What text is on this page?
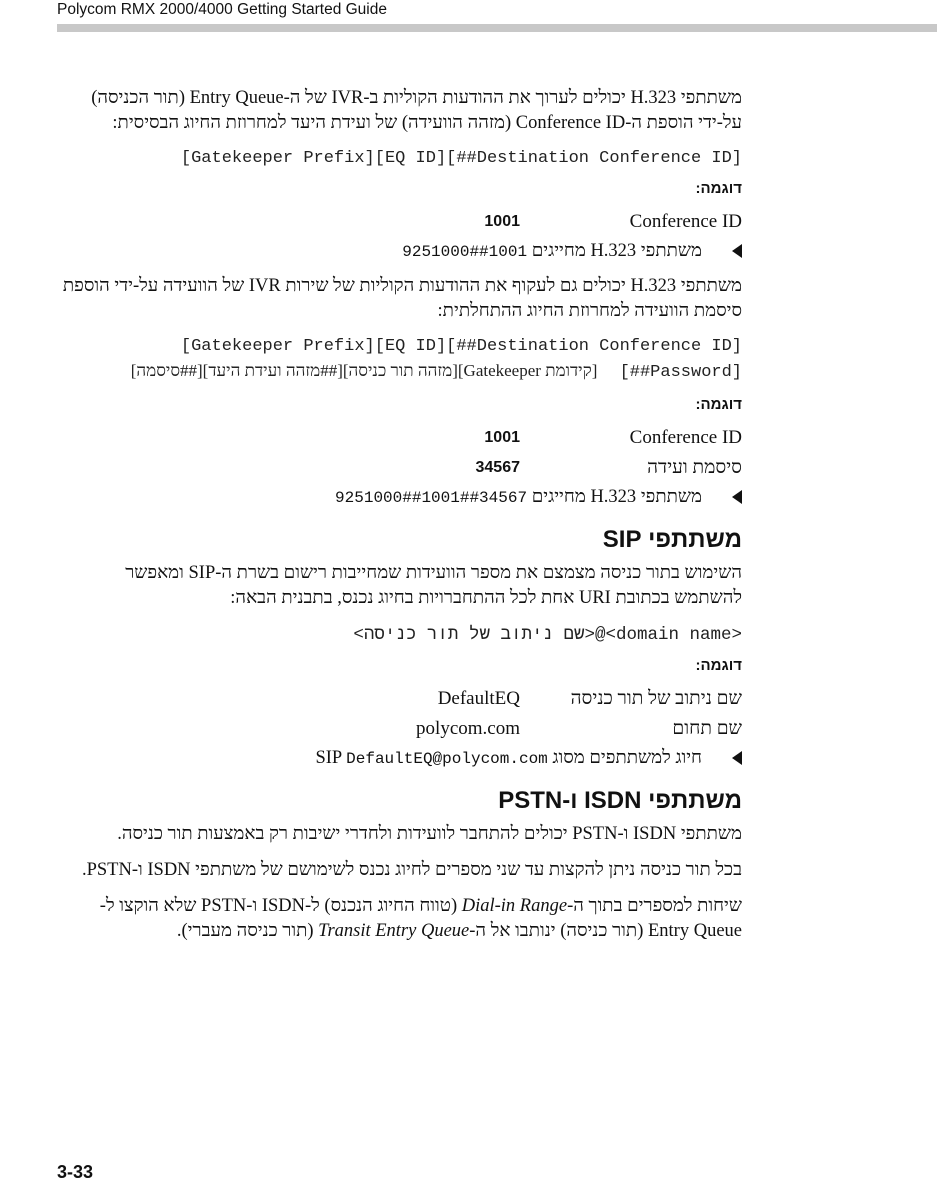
Polycom RMX 2000/4000 Getting Started Guide

משתתפי H.323 יכולים לערוך את ההודעות הקוליות ב-IVR של ה-Entry Queue (תור הכניסה) על-ידי הוספת ה-Conference ID (מזהה הוועידה) של ועידת היעד למחרוזת החיוג הבסיסית:

[Gatekeeper Prefix][EQ ID][##Destination Conference ID]
דוגמה:
Conference ID
1001
משתתפי H.323 מחייגים 9251000##1001

משתתפי H.323 יכולים גם לעקוף את ההודעות הקוליות של שירות IVR של הוועידה על-ידי הוספת סיסמת הוועידה למחרוזת החיוג ההתחלתית:

[Gatekeeper Prefix][EQ ID][##Destination Conference ID]
[קידומת Gatekeeper][מזהה תור כניסה][##מזהה ועידת היעד][##סיסמה] [##Password]
דוגמה:
Conference ID
1001
סיסמת ועידה
34567
משתתפי H.323 מחייגים 9251000##1001##34567
משתתפי SIP

השימוש בתור כניסה מצמצם את מספר הוועידות שמחייבות רישום בשרת ה-SIP ומאפשר להשתמש בכתובת URI אחת לכל ההתחברויות בחיוג נכנס, בתבנית הבאה:

<שם ניתוב של תור כניסה>@<domain name>
דוגמה:
שם ניתוב של תור כניסה
DefaultEQ
שם תחום
polycom.com
חיוג למשתתפים מסוג SIP DefaultEQ@polycom.com
משתתפי ISDN ו-PSTN

משתתפי ISDN ו-PSTN יכולים להתחבר לוועידות ולחדרי ישיבות רק באמצעות תור כניסה.

בכל תור כניסה ניתן להקצות עד שני מספרים לחיוג נכנס לשימושם של משתתפי ISDN ו-PSTN.

שיחות למספרים בתוך ה-Dial-in Range (טווח החיוג הנכנס) ל-ISDN ו-PSTN שלא הוקצו ל-Entry Queue (תור כניסה) ינותבו אל ה-Transit Entry Queue (תור כניסה מעברי).

3-33
